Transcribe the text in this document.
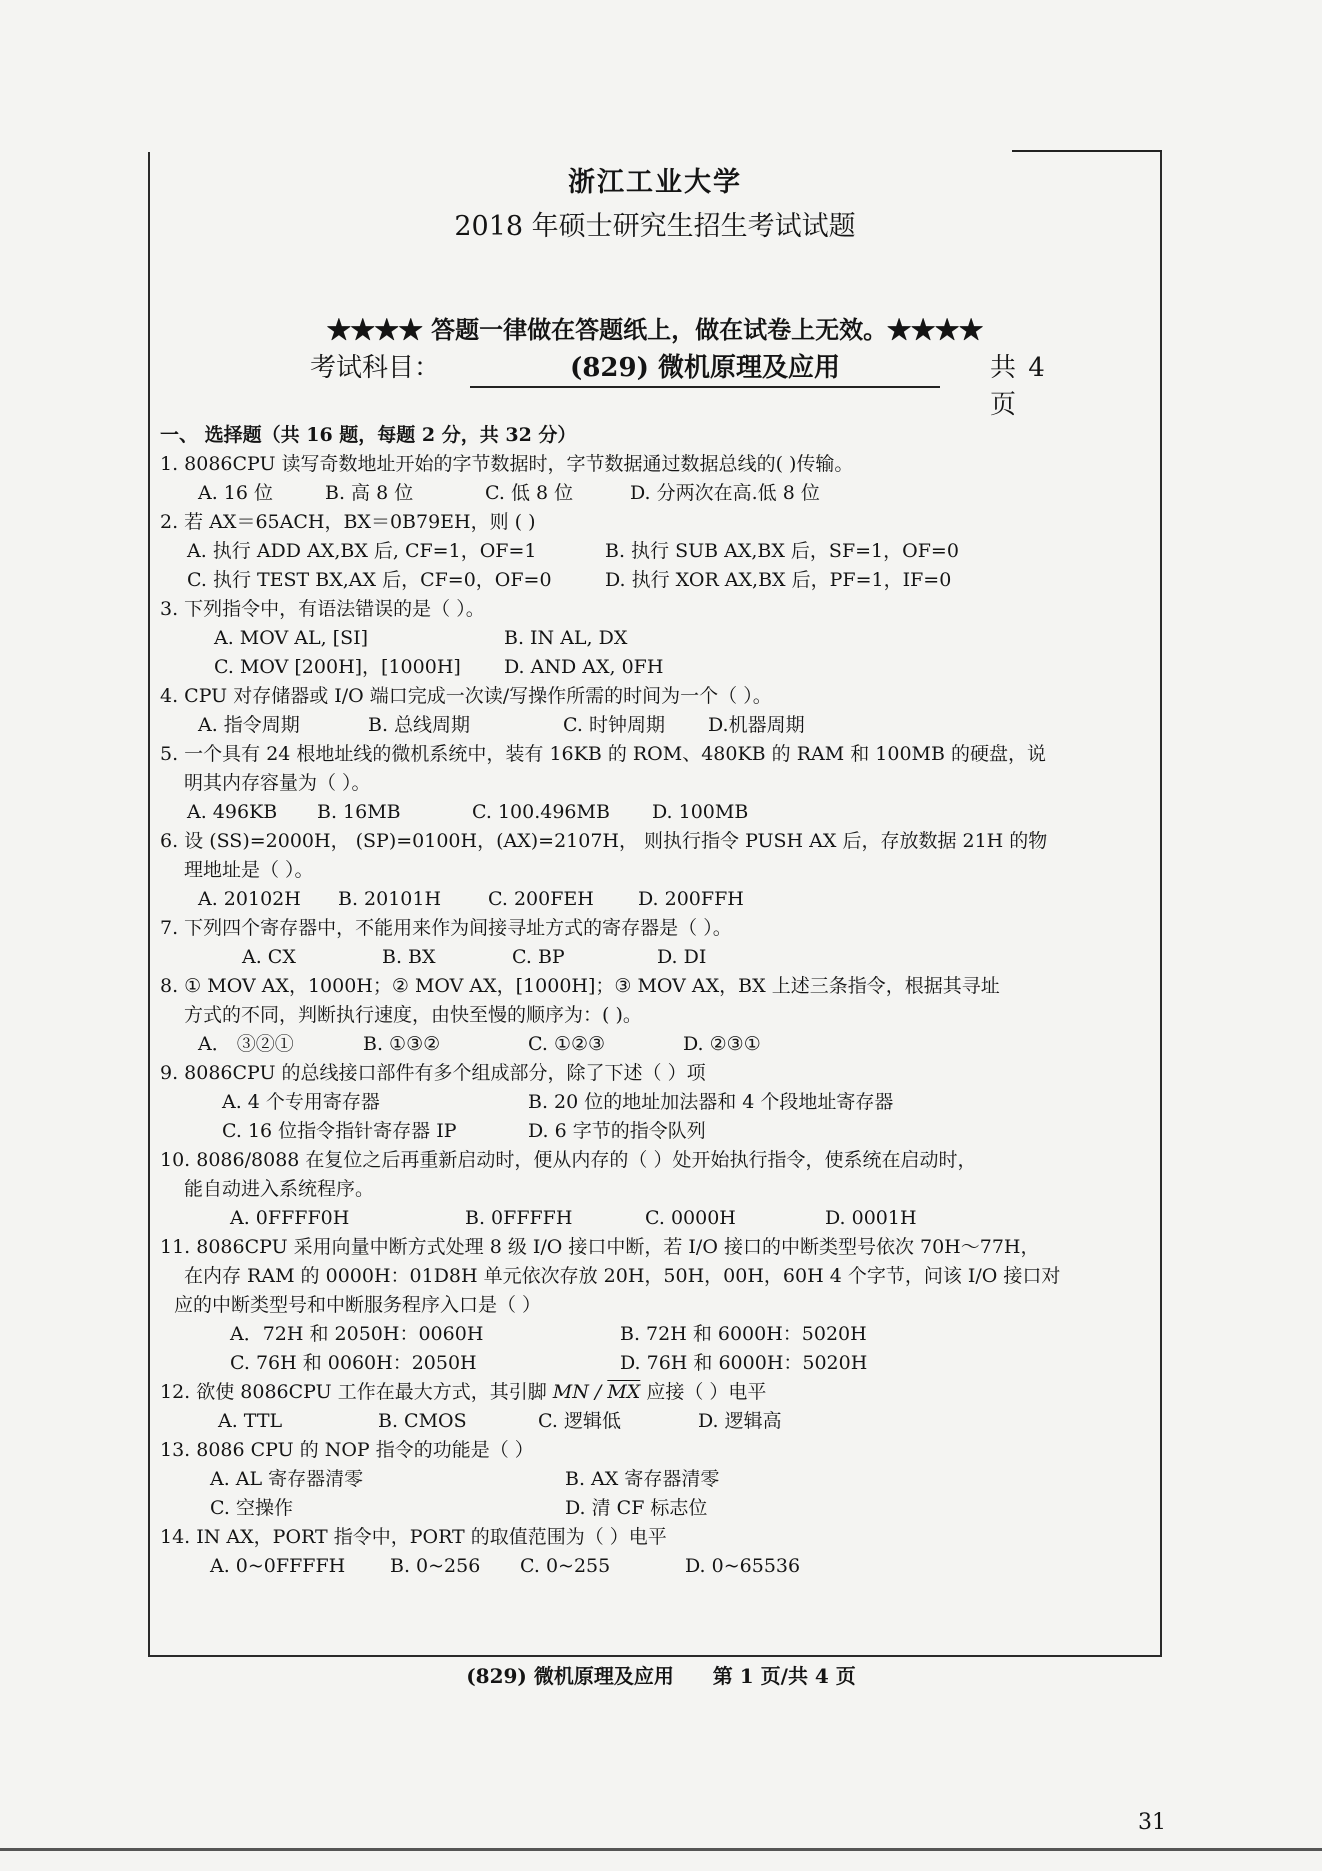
浙江工业大学
2018 年硕士研究生招生考试试题
★★★★ 答题一律做在答题纸上，做在试卷上无效。★★★★
考试科目：	(829) 微机原理及应用	共 4 页
一、 选择题（共 16 题，每题 2 分，共 32 分）
1. 8086CPU 读写奇数地址开始的字节数据时，字节数据通过数据总线的( )传输。
A. 16 位	B. 高 8 位	C. 低 8 位	D. 分两次在高.低 8 位
2. 若 AX＝65ACH，BX＝0B79EH，则 ( )
A. 执行 ADD AX,BX 后, CF=1，OF=1	B. 执行 SUB AX,BX 后，SF=1，OF=0
C. 执行 TEST BX,AX 后，CF=0，OF=0	D. 执行 XOR AX,BX 后，PF=1，IF=0
3. 下列指令中，有语法错误的是（ ）。
A. MOV AL, [SI]	B. IN AL, DX
C. MOV [200H]，[1000H]	D. AND AX, 0FH
4. CPU 对存储器或 I/O 端口完成一次读/写操作所需的时间为一个（ ）。
A. 指令周期	B. 总线周期	C. 时钟周期	D.机器周期
5. 一个具有 24 根地址线的微机系统中，装有 16KB 的 ROM、480KB 的 RAM 和 100MB 的硬盘，说
明其内存容量为（ ）。
A. 496KB	B. 16MB	C. 100.496MB	D. 100MB
6. 设 (SS)=2000H， (SP)=0100H，(AX)=2107H， 则执行指令 PUSH AX 后，存放数据 21H 的物
理地址是（ ）。
A. 20102H	B. 20101H	C. 200FEH	D. 200FFH
7. 下列四个寄存器中，不能用来作为间接寻址方式的寄存器是（ ）。
A. CX	B. BX	C. BP	D. DI
8. ① MOV AX，1000H；② MOV AX，[1000H]；③ MOV AX，BX 上述三条指令，根据其寻址
方式的不同，判断执行速度，由快至慢的顺序为：( )。
A． ③②①	B. ①③②	C. ①②③	D. ②③①
9. 8086CPU 的总线接口部件有多个组成部分，除了下述（ ）项
A. 4 个专用寄存器	B. 20 位的地址加法器和 4 个段地址寄存器
C. 16 位指令指针寄存器 IP	D. 6 字节的指令队列
10. 8086/8088 在复位之后再重新启动时，便从内存的（ ）处开始执行指令，使系统在启动时，
能自动进入系统程序。
A. 0FFFF0H	B. 0FFFFH	C. 0000H	D. 0001H
11. 8086CPU 采用向量中断方式处理 8 级 I/O 接口中断，若 I/O 接口的中断类型号依次 70H～77H，
在内存 RAM 的 0000H：01D8H 单元依次存放 20H，50H，00H，60H 4 个字节，问该 I/O 接口对
应的中断类型号和中断服务程序入口是（ ）
A．72H 和 2050H：0060H	B. 72H 和 6000H：5020H
C. 76H 和 0060H：2050H	D. 76H 和 6000H：5020H
12. 欲使 8086CPU 工作在最大方式，其引脚 MN / $\overline{MX}$ 应接（ ）电平
A. TTL	B. CMOS	C. 逻辑低	D. 逻辑高
13. 8086 CPU 的 NOP 指令的功能是（ ）
A. AL 寄存器清零	B. AX 寄存器清零
C. 空操作	D. 清 CF 标志位
14. IN AX，PORT 指令中，PORT 的取值范围为（ ）电平
A. 0~0FFFFH	B. 0~256	C. 0~255	D. 0~65536
(829) 微机原理及应用 第 1 页/共 4 页
31
